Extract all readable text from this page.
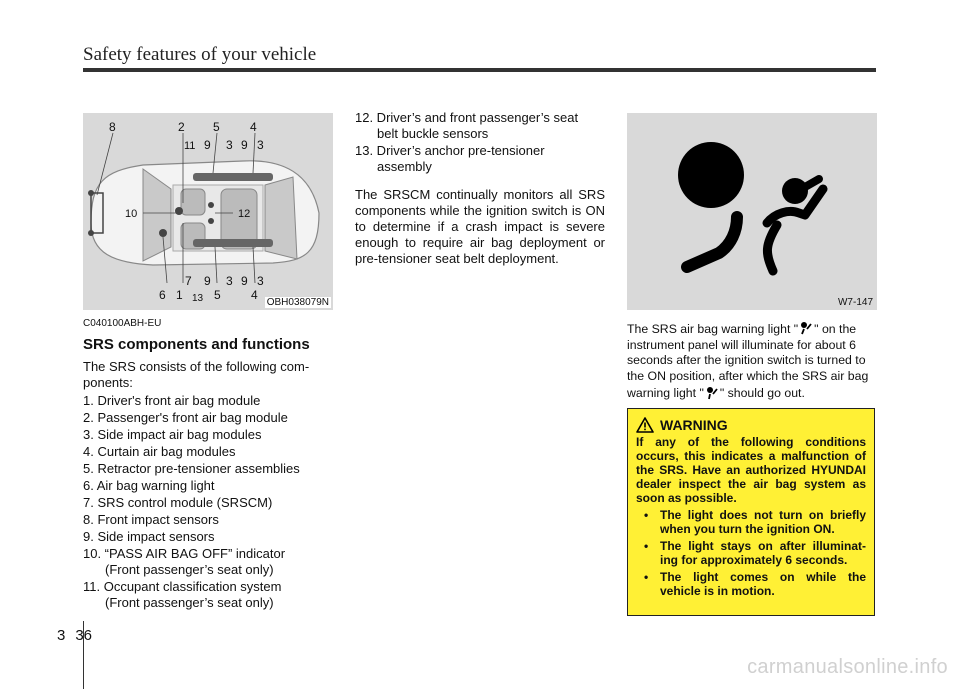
Safety features of your vehicle
8	2 5	4
11 9 3 9 3
10	12
7 9 3 9 3
6 1 13 5	4
OBH038079N

C040100ABH-EU

SRS components and functions

The SRS consists of the following com- ponents:

1. Driver's front air bag module
2. Passenger's front air bag module
3. Side impact air bag modules
4. Curtain air bag modules
5. Retractor pre-tensioner assemblies
6. Air bag warning light
7. SRS control module (SRSCM)
8. Front impact sensors
9. Side impact sensors
10. “PASS AIR BAG OFF” indicator
(Front passenger’s seat only)
11. Occupant classification system
(Front passenger’s seat only)
12. Driver’s and front passenger’s seat
belt buckle sensors
13. Driver’s anchor pre-tensioner
assembly

The SRSCM continually monitors all SRS components while the ignition switch is ON to determine if a crash impact is severe enough to require air bag deployment or pre-tensioner seat belt deployment.

W7-147

The SRS air bag warning light " " on the instrument panel will illuminate for about 6 seconds after the ignition switch is turned to the ON position, after which the SRS air bag warning light " " should go out.

WARNING

If any of the following conditions occurs, this indicates a malfunction of the SRS. Have an authorized HYUNDAI dealer inspect the air bag system as soon as possible.

• The light does not turn on briefly when you turn the ignition ON.
• The light stays on after illuminat- ing for approximately 6 seconds.
• The light comes on while the vehicle is in motion.
3 36
carmanualsonline.info
